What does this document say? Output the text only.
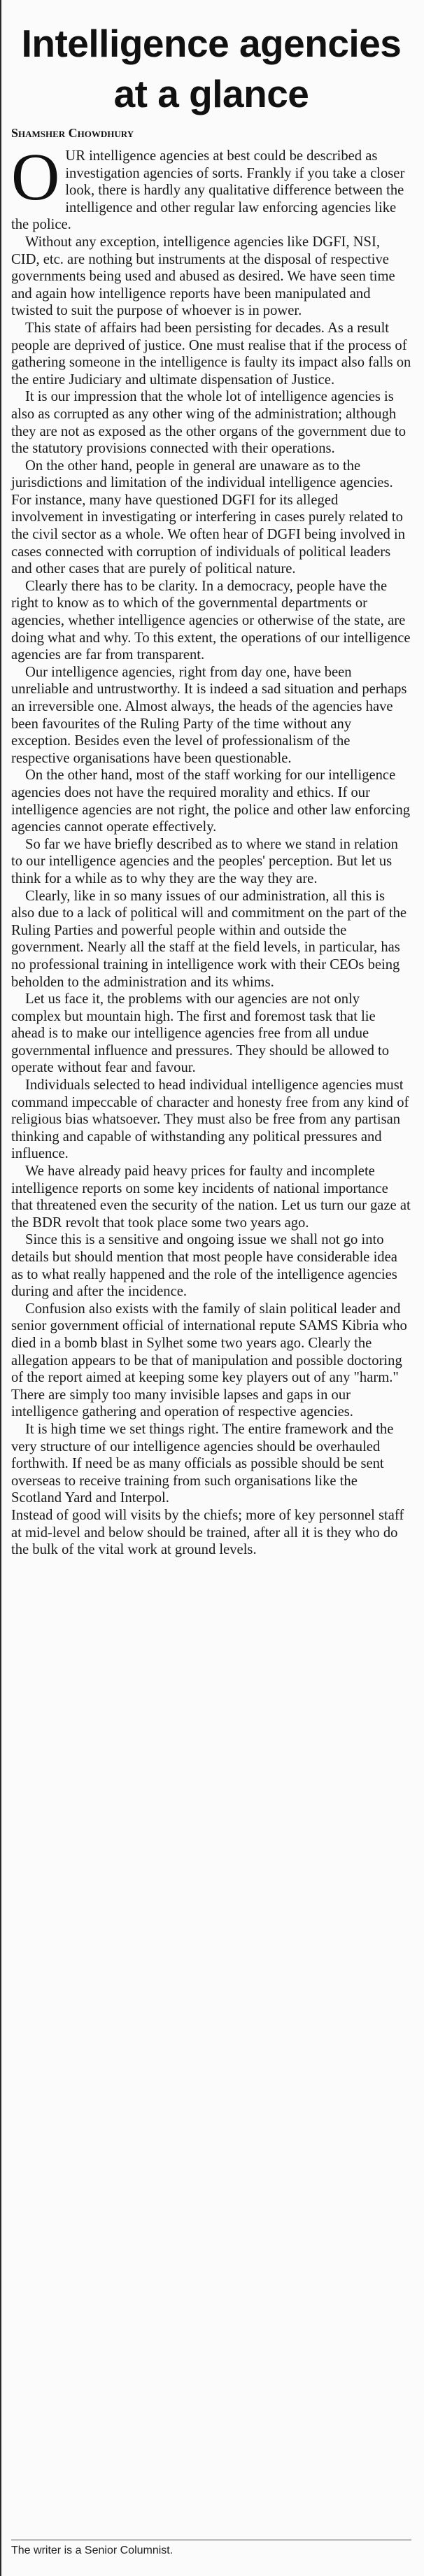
Intelligence agencies at a glance
Shamsher Chowdhury

OUR intelligence agencies at best could be described as investigation agencies of sorts. Frankly if you take a closer look, there is hardly any qualitative difference between the intelligence and other regular law enforcing agencies like the police.

Without any exception, intelligence agencies like DGFI, NSI, CID, etc. are nothing but instruments at the disposal of respective governments being used and abused as desired. We have seen time and again how intelligence reports have been manipulated and twisted to suit the purpose of whoever is in power.

This state of affairs had been persisting for decades. As a result people are deprived of justice. One must realise that if the process of gathering someone in the intelligence is faulty its impact also falls on the entire Judiciary and ultimate dispensation of Justice.

It is our impression that the whole lot of intelligence agencies is also as corrupted as any other wing of the administration; although they are not as exposed as the other organs of the government due to the statutory provisions connected with their operations.

On the other hand, people in general are unaware as to the jurisdictions and limitation of the individual intelligence agencies. For instance, many have questioned DGFI for its alleged involvement in investigating or interfering in cases purely related to the civil sector as a whole. We often hear of DGFI being involved in cases connected with corruption of individuals of political leaders and other cases that are purely of political nature.

Clearly there has to be clarity. In a democracy, people have the right to know as to which of the governmental departments or agencies, whether intelligence agencies or otherwise of the state, are doing what and why. To this extent, the operations of our intelligence agencies are far from transparent.

Our intelligence agencies, right from day one, have been unreliable and untrustworthy. It is indeed a sad situation and perhaps an irreversible one. Almost always, the heads of the agencies have been favourites of the Ruling Party of the time without any exception. Besides even the level of professionalism of the respective organisations have been questionable.

On the other hand, most of the staff working for our intelligence agencies does not have the required morality and ethics. If our intelligence agencies are not right, the police and other law enforcing agencies cannot operate effectively.

So far we have briefly described as to where we stand in relation to our intelligence agencies and the peoples' perception. But let us think for a while as to why they are the way they are.

Clearly, like in so many issues of our administration, all this is also due to a lack of political will and commitment on the part of the Ruling Parties and powerful people within and outside the government. Nearly all the staff at the field levels, in particular, has no professional training in intelligence work with their CEOs being beholden to the administration and its whims.

Let us face it, the problems with our agencies are not only complex but mountain high. The first and foremost task that lie ahead is to make our intelligence agencies free from all undue governmental influence and pressures. They should be allowed to operate without fear and favour.

Individuals selected to head individual intelligence agencies must command impeccable of character and honesty free from any kind of religious bias whatsoever. They must also be free from any partisan thinking and capable of withstanding any political pressures and influence.

We have already paid heavy prices for faulty and incomplete intelligence reports on some key incidents of national importance that threatened even the security of the nation. Let us turn our gaze at the BDR revolt that took place some two years ago.

Since this is a sensitive and ongoing issue we shall not go into details but should mention that most people have considerable idea as to what really happened and the role of the intelligence agencies during and after the incidence.

Confusion also exists with the family of slain political leader and senior government official of international repute SAMS Kibria who died in a bomb blast in Sylhet some two years ago. Clearly the allegation appears to be that of manipulation and possible doctoring of the report aimed at keeping some key players out of any "harm." There are simply too many invisible lapses and gaps in our intelligence gathering and operation of respective agencies.

It is high time we set things right. The entire framework and the very structure of our intelligence agencies should be overhauled forthwith. If need be as many officials as possible should be sent overseas to receive training from such organisations like the Scotland Yard and Interpol.

Instead of good will visits by the chiefs; more of key personnel staff at mid-level and below should be trained, after all it is they who do the bulk of the vital work at ground levels.

The writer is a Senior Columnist.
